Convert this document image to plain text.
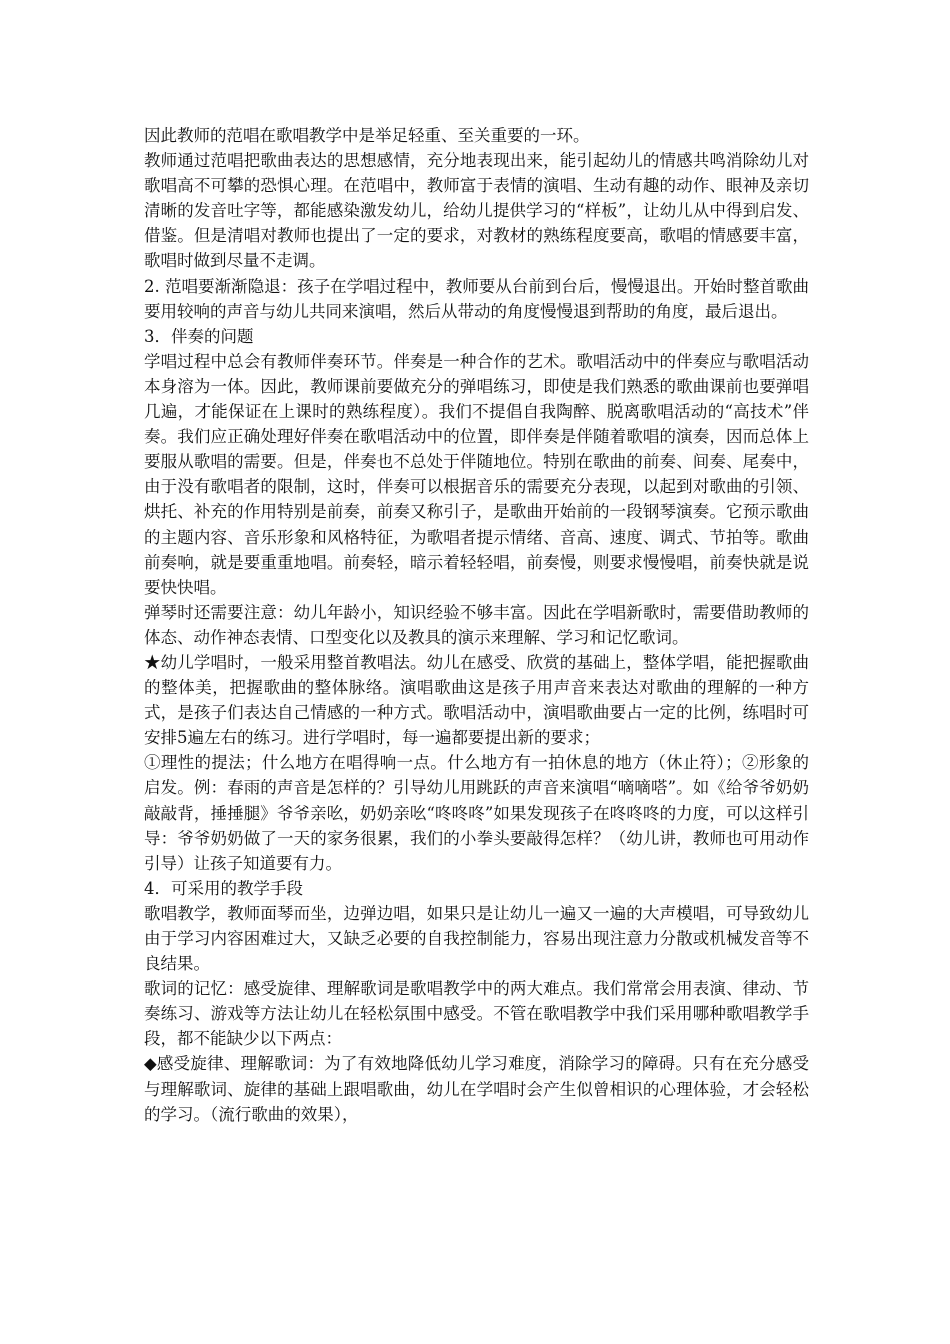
因此教师的范唱在歌唱教学中是举足轻重、至关重要的一环。

教师通过范唱把歌曲表达的思想感情，充分地表现出来，能引起幼儿的情感共鸣消除幼儿对歌唱高不可攀的恐惧心理。在范唱中，教师富于表情的演唱、生动有趣的动作、眼神及亲切清晰的发音吐字等，都能感染激发幼儿，给幼儿提供学习的“样板”，让幼儿从中得到启发、借鉴。但是清唱对教师也提出了一定的要求，对教材的熟练程度要高，歌唱的情感要丰富，歌唱时做到尽量不走调。

2. 范唱要渐渐隐退：孩子在学唱过程中，教师要从台前到台后，慢慢退出。开始时整首歌曲要用较响的声音与幼儿共同来演唱，然后从带动的角度慢慢退到帮助的角度，最后退出。

3．伴奏的问题

学唱过程中总会有教师伴奏环节。伴奏是一种合作的艺术。歌唱活动中的伴奏应与歌唱活动本身溶为一体。因此，教师课前要做充分的弹唱练习，即使是我们熟悉的歌曲课前也要弹唱几遍，才能保证在上课时的熟练程度）。我们不提倡自我陶醉、脱离歌唱活动的“高技术”伴奏。我们应正确处理好伴奏在歌唱活动中的位置，即伴奏是伴随着歌唱的演奏，因而总体上要服从歌唱的需要。但是，伴奏也不总处于伴随地位。特别在歌曲的前奏、间奏、尾奏中，由于没有歌唱者的限制，这时，伴奏可以根据音乐的需要充分表现，以起到对歌曲的引领、烘托、补充的作用特别是前奏，前奏又称引子，是歌曲开始前的一段钢琴演奏。它预示歌曲的主题内容、音乐形象和风格特征，为歌唱者提示情绪、音高、速度、调式、节拍等。歌曲前奏响，就是要重重地唱。前奏轻，暗示着轻轻唱，前奏慢，则要求慢慢唱，前奏快就是说要快快唱。

弹琴时还需要注意：幼儿年龄小，知识经验不够丰富。因此在学唱新歌时，需要借助教师的体态、动作神态表情、口型变化以及教具的演示来理解、学习和记忆歌词。

★幼儿学唱时，一般采用整首教唱法。幼儿在感受、欣赏的基础上，整体学唱，能把握歌曲的整体美，把握歌曲的整体脉络。演唱歌曲这是孩子用声音来表达对歌曲的理解的一种方式，是孩子们表达自己情感的一种方式。歌唱活动中，演唱歌曲要占一定的比例，练唱时可安排5遍左右的练习。进行学唱时，每一遍都要提出新的要求；

①理性的提法；什么地方在唱得响一点。什么地方有一拍休息的地方（休止符）；②形象的启发。例：春雨的声音是怎样的？引导幼儿用跳跃的声音来演唱“嘀嘀嗒”。如《给爷爷奶奶 敲敲背，捶捶腿》爷爷亲吆，奶奶亲吆“咚咚咚”如果发现孩子在咚咚咚的力度，可以这样引导：爷爷奶奶做了一天的家务很累，我们的小拳头要敲得怎样？（幼儿讲，教师也可用动作引导）让孩子知道要有力。

4．可采用的教学手段

歌唱教学，教师面琴而坐，边弹边唱，如果只是让幼儿一遍又一遍的大声模唱，可导致幼儿由于学习内容困难过大，又缺乏必要的自我控制能力，容易出现注意力分散或机械发音等不良结果。

歌词的记忆：感受旋律、理解歌词是歌唱教学中的两大难点。我们常常会用表演、律动、节奏练习、游戏等方法让幼儿在轻松氛围中感受。不管在歌唱教学中我们采用哪种歌唱教学手段，都不能缺少以下两点：

◆感受旋律、理解歌词：为了有效地降低幼儿学习难度，消除学习的障碍。只有在充分感受与理解歌词、旋律的基础上跟唱歌曲，幼儿在学唱时会产生似曾相识的心理体验，才会轻松的学习。（流行歌曲的效果），
